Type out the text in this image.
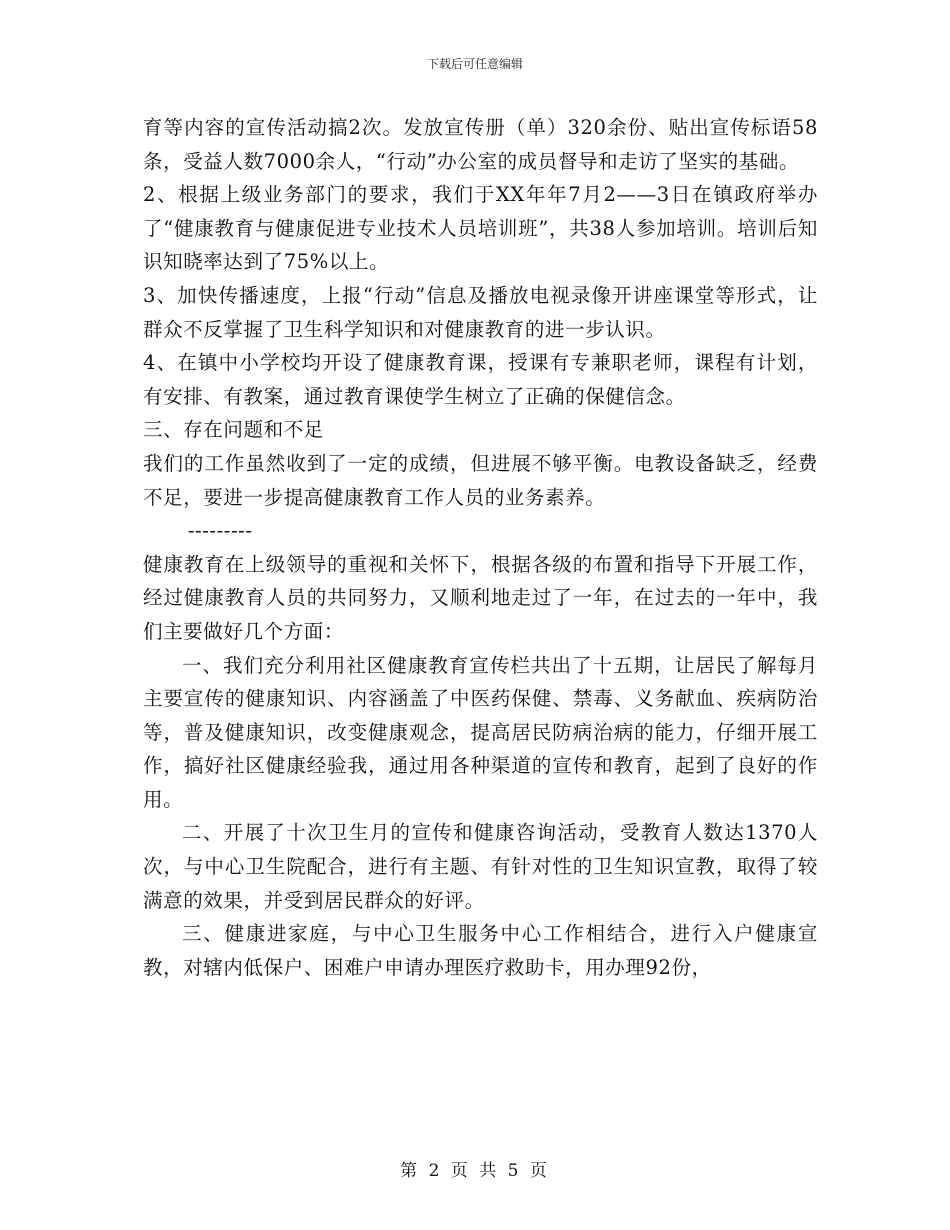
下载后可任意编辑

育等内容的宣传活动搞2次。发放宣传册（单）320余份、贴出宣传标语58条，受益人数7000余人，“行动”办公室的成员督导和走访了坚实的基础。

2、根据上级业务部门的要求，我们于XX年年7月2——3日在镇政府举办了“健康教育与健康促进专业技术人员培训班”，共38人参加培训。培训后知识知晓率达到了75%以上。

3、加快传播速度，上报“行动”信息及播放电视录像开讲座课堂等形式，让群众不反掌握了卫生科学知识和对健康教育的进一步认识。

4、在镇中小学校均开设了健康教育课，授课有专兼职老师，课程有计划，有安排、有教案，通过教育课使学生树立了正确的保健信念。

三、存在问题和不足

我们的工作虽然收到了一定的成绩，但进展不够平衡。电教设备缺乏，经费不足，要进一步提高健康教育工作人员的业务素养。

---------

健康教育在上级领导的重视和关怀下，根据各级的布置和指导下开展工作，经过健康教育人员的共同努力，又顺利地走过了一年，在过去的一年中，我们主要做好几个方面：

一、我们充分利用社区健康教育宣传栏共出了十五期，让居民了解每月主要宣传的健康知识、内容涵盖了中医药保健、禁毒、义务献血、疾病防治等，普及健康知识，改变健康观念，提高居民防病治病的能力，仔细开展工作，搞好社区健康经验我，通过用各种渠道的宣传和教育，起到了良好的作用。

二、开展了十次卫生月的宣传和健康咨询活动，受教育人数达1370人次，与中心卫生院配合，进行有主题、有针对性的卫生知识宣教，取得了较满意的效果，并受到居民群众的好评。

三、健康进家庭，与中心卫生服务中心工作相结合，进行入户健康宣教，对辖内低保户、困难户申请办理医疗救助卡，用办理92份，

第 2 页 共 5 页
